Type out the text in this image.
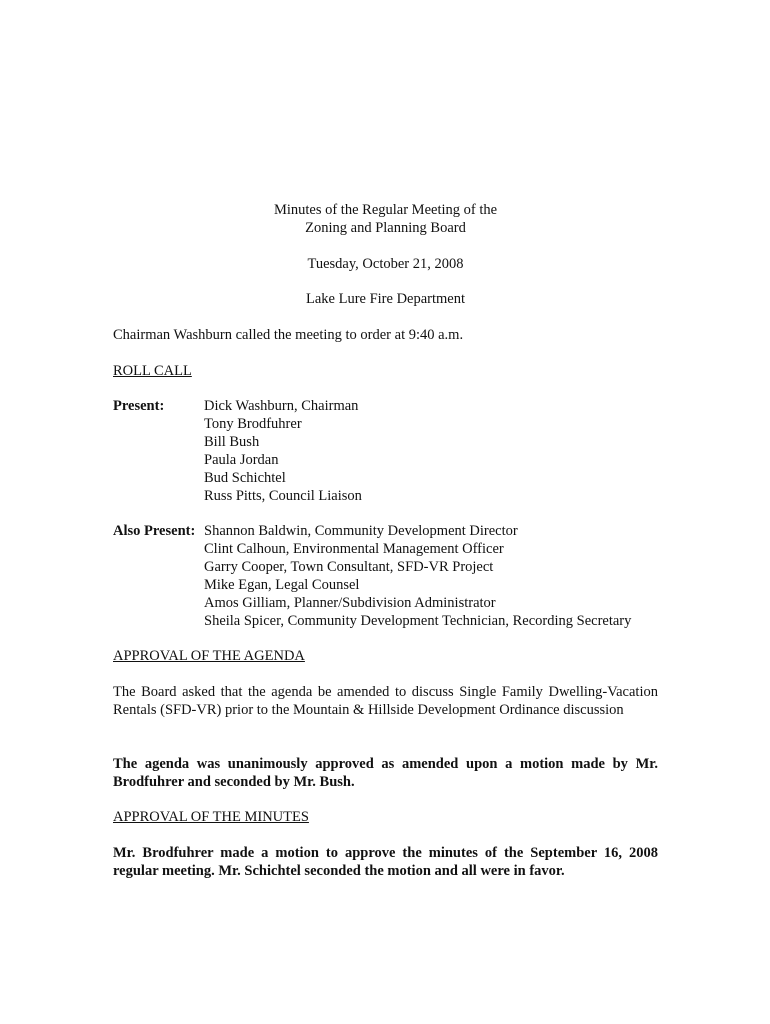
Minutes of the Regular Meeting of the
Zoning and Planning Board
Tuesday, October 21, 2008
Lake Lure Fire Department
Chairman Washburn called the meeting to order at 9:40 a.m.
ROLL CALL
Present:	Dick Washburn, Chairman
Tony Brodfuhrer
Bill Bush
Paula Jordan
Bud Schichtel
Russ Pitts, Council Liaison
Also Present: Shannon Baldwin, Community Development Director
Clint Calhoun, Environmental Management Officer
Garry Cooper, Town Consultant, SFD-VR Project
Mike Egan, Legal Counsel
Amos Gilliam, Planner/Subdivision Administrator
Sheila Spicer, Community Development Technician, Recording Secretary
APPROVAL OF THE AGENDA
The Board asked that the agenda be amended to discuss Single Family Dwelling-Vacation Rentals (SFD-VR) prior to the Mountain & Hillside Development Ordinance discussion
The agenda was unanimously approved as amended upon a motion made by Mr. Brodfuhrer and seconded by Mr. Bush.
APPROVAL OF THE MINUTES
Mr. Brodfuhrer made a motion to approve the minutes of the September 16, 2008 regular meeting. Mr. Schichtel seconded the motion and all were in favor.
